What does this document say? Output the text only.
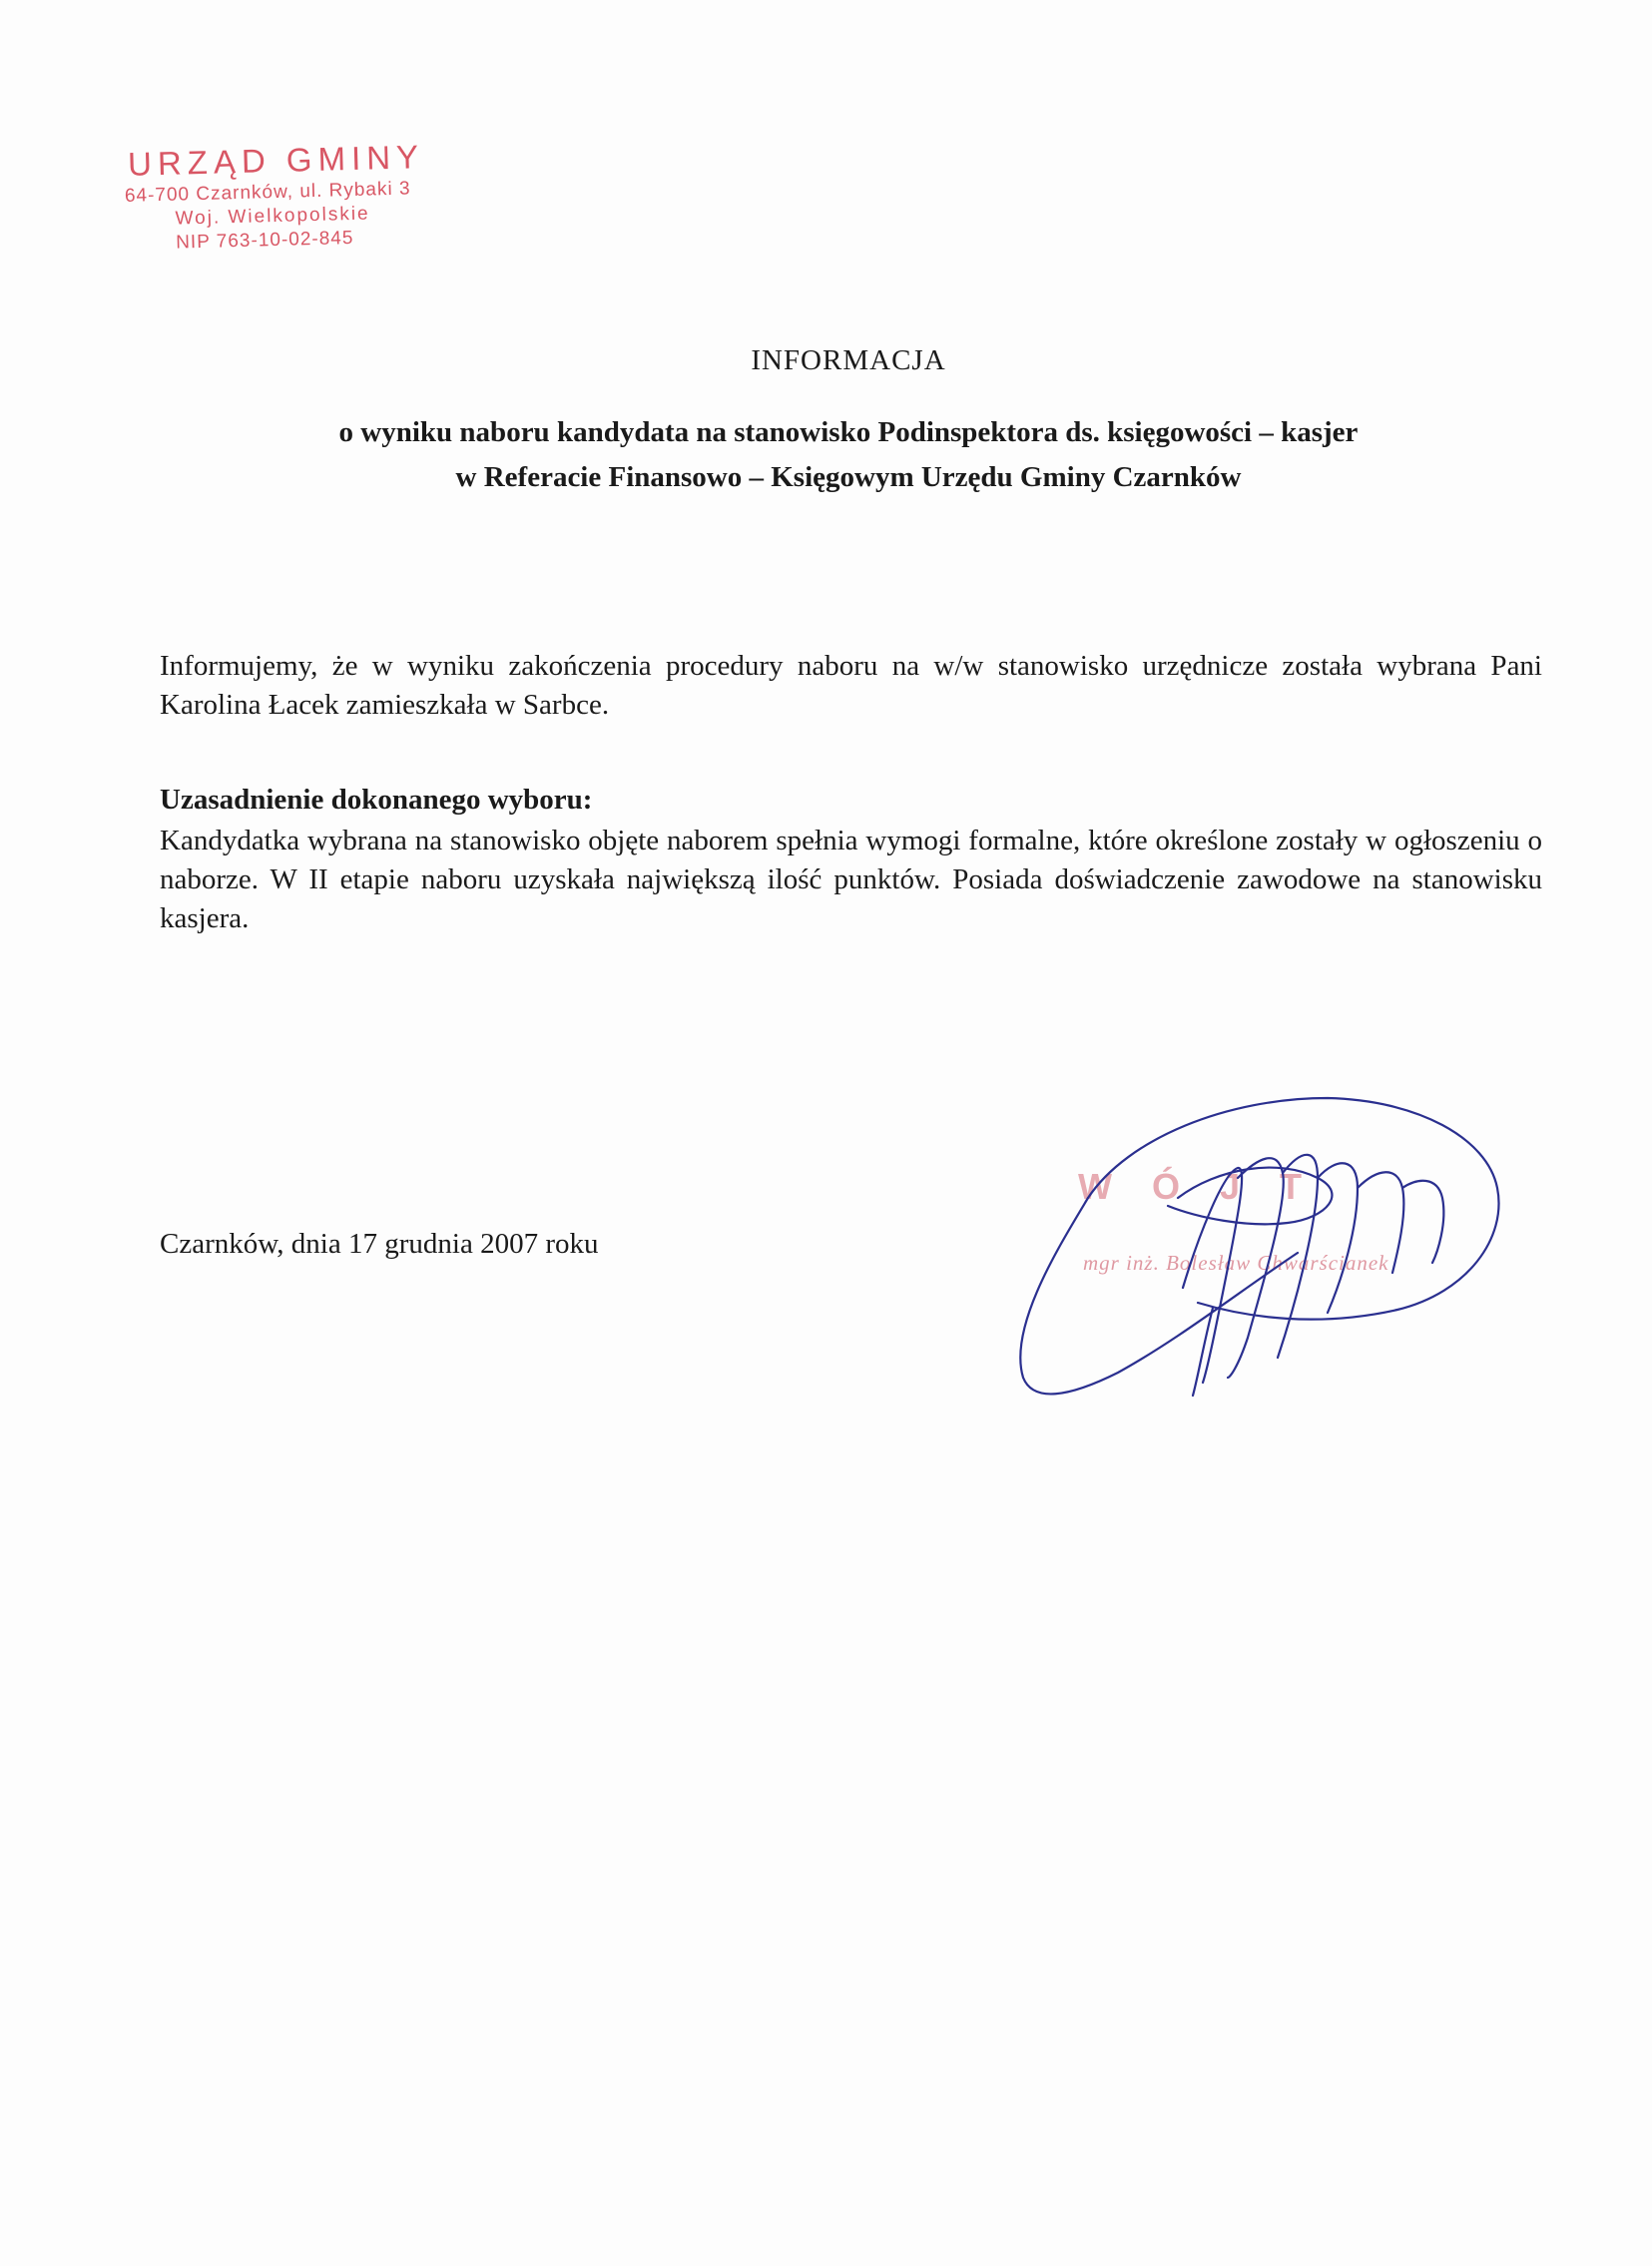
URZĄD GMINY
64-700 Czarnków, ul. Rybaki 3
Woj. Wielkopolskie
NIP 763-10-02-845
INFORMACJA
o wyniku naboru kandydata na stanowisko Podinspektora ds. księgowości – kasjer
w Referacie Finansowo – Księgowym Urzędu Gminy Czarnków
Informujemy, że w wyniku zakończenia procedury naboru na w/w stanowisko urzędnicze została wybrana Pani Karolina Łacek zamieszkała w Sarbce.
Uzasadnienie dokonanego wyboru:
Kandydatka wybrana na stanowisko objęte naborem spełnia wymogi formalne, które określone zostały w ogłoszeniu o naborze. W II etapie naboru uzyskała największą ilość punktów. Posiada doświadczenie zawodowe na stanowisku kasjera.
Czarnków, dnia 17 grudnia 2007 roku
WÓJT
mgr inż. Bolesław Chwarścianek
